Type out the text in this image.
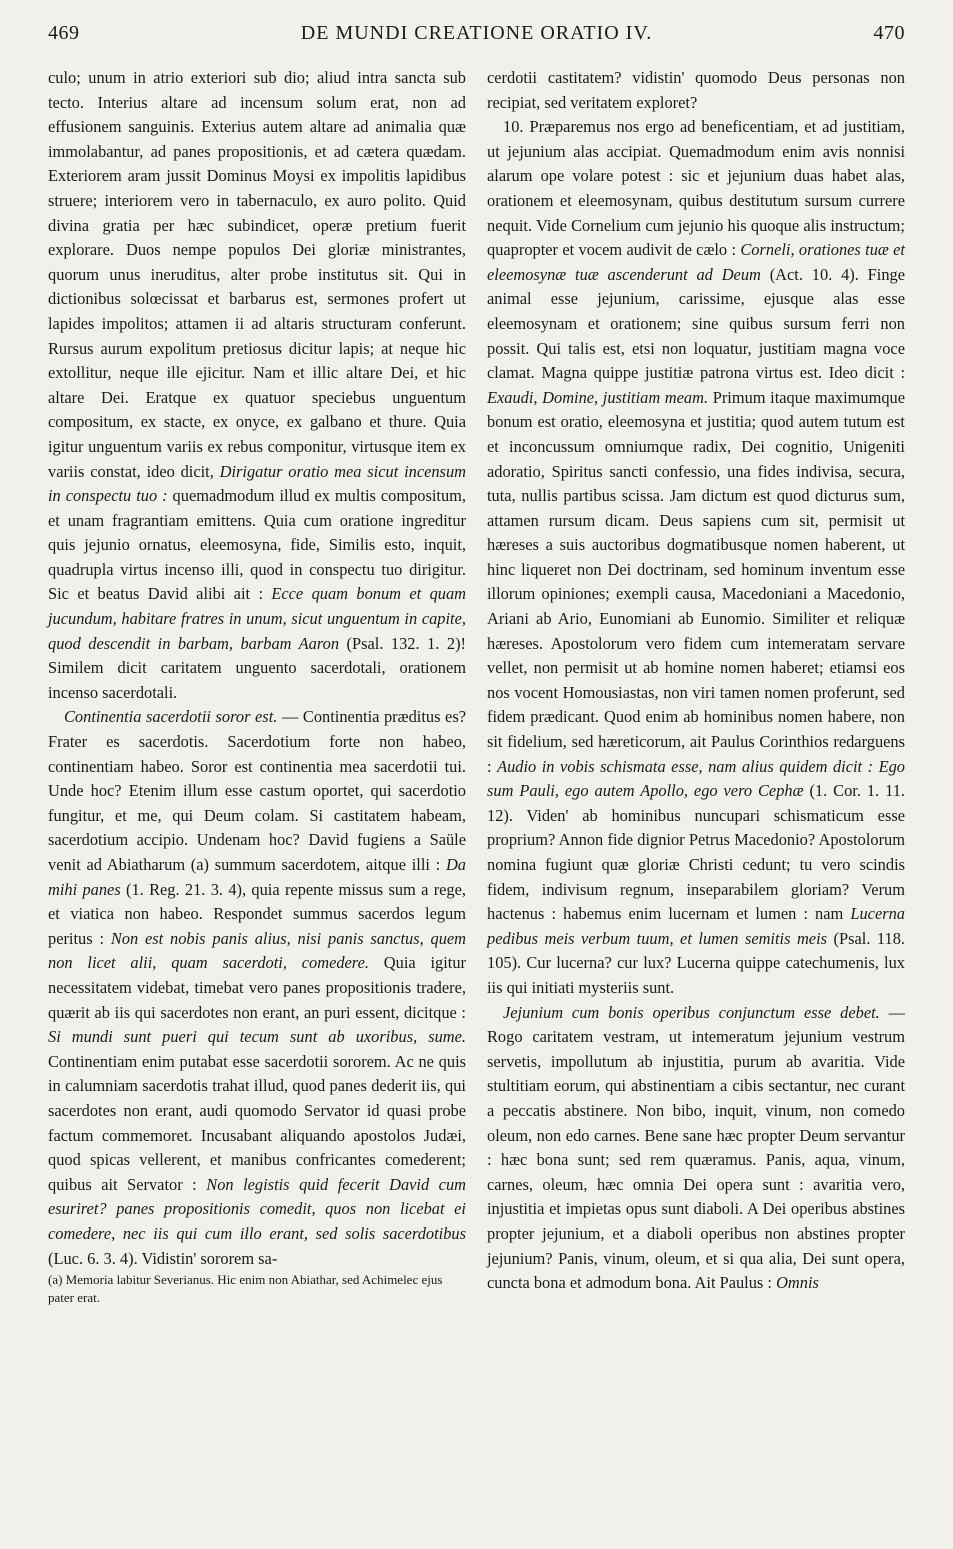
469	DE MUNDI CREATIONE ORATIO IV.	470

culo; unum in atrio exteriori sub dio; aliud intra sancta sub tecto. Interius altare ad incensum solum erat, non ad effusionem sanguinis. Exterius autem altare ad animalia quæ immolabantur, ad panes propositionis, et ad cætera quædam. Exteriorem aram jussit Dominus Moysi ex impolitis lapidibus struere; interiorem vero in tabernaculo, ex auro polito. Quid divina gratia per hæc subindicet, operæ pretium fuerit explorare. Duos nempe populos Dei gloriæ ministrantes, quorum unus ineruditus, alter probe institutus sit. Qui in dictionibus solœcissat et barbarus est, sermones profert ut lapides impolitos; attamen ii ad altaris structuram conferunt. Rursus aurum expolitum pretiosus dicitur lapis; at neque hic extollitur, neque ille ejicitur. Nam et illic altare Dei, et hic altare Dei. Eratque ex quatuor speciebus unguentum compositum, ex stacte, ex onyce, ex galbano et thure. Quia igitur unguentum variis ex rebus componitur, virtusque item ex variis constat, ideo dicit, Dirigatur oratio mea sicut incensum in conspectu tuo : quemadmodum illud ex multis compositum, et unam fragrantiam emittens. Quia cum oratione ingreditur quis jejunio ornatus, eleemosyna, fide, Similis esto, inquit, quadrupla virtus incenso illi, quod in conspectu tuo dirigitur. Sic et beatus David alibi ait : Ecce quam bonum et quam jucundum, habitare fratres in unum, sicut unguentum in capite, quod descendit in barbam, barbam Aaron (Psal. 132. 1. 2)! Similem dicit caritatem unguento sacerdotali, orationem incenso sacerdotali.

Continentia sacerdotii soror est. — Continentia præditus es? Frater es sacerdotis. Sacerdotium forte non habeo, continentiam habeo. Soror est continentia mea sacerdotii tui. Unde hoc? Etenim illum esse castum oportet, qui sacerdotio fungitur, et me, qui Deum colam. Si castitatem habeam, sacerdotium accipio. Undenam hoc? David fugiens a Saüle venit ad Abiatharum (a) summum sacerdotem, aitque illi : Da mihi panes (1. Reg. 21. 3. 4), quia repente missus sum a rege, et viatica non habeo. Respondet summus sacerdos legum peritus : Non est nobis panis alius, nisi panis sanctus, quem non licet alii, quam sacerdoti, comedere. Quia igitur necessitatem videbat, timebat vero panes propositionis tradere, quærit ab iis qui sacerdotes non erant, an puri essent, dicitque : Si mundi sunt pueri qui tecum sunt ab uxoribus, sume. Continentiam enim putabat esse sacerdotii sororem. Ac ne quis in calumniam sacerdotis trahat illud, quod panes dederit iis, qui sacerdotes non erant, audi quomodo Servator id quasi probe factum commemoret. Incusabant aliquando apostolos Judæi, quod spicas vellerent, et manibus confricantes comederent; quibus ait Servator : Non legistis quid fecerit David cum esuriret? panes propositionis comedit, quos non licebat ei comedere, nec iis qui cum illo erant, sed solis sacerdotibus (Luc. 6. 3. 4). Vidistin' sororem sa-

(a) Memoria labitur Severianus. Hic enim non Abiathar, sed Achimelec ejus pater erat.

cerdotii castitatem? vidistin' quomodo Deus personas non recipiat, sed veritatem exploret?

10. Præparemus nos ergo ad beneficentiam, et ad justitiam, ut jejunium alas accipiat. Quemadmodum enim avis nonnisi alarum ope volare potest : sic et jejunium duas habet alas, orationem et eleemosynam, quibus destitutum sursum currere nequit. Vide Cornelium cum jejunio his quoque alis instructum; quapropter et vocem audivit de cælo : Corneli, orationes tuæ et eleemosynæ tuæ ascenderunt ad Deum (Act. 10. 4). Finge animal esse jejunium, carissime, ejusque alas esse eleemosynam et orationem; sine quibus sursum ferri non possit. Qui talis est, etsi non loquatur, justitiam magna voce clamat. Magna quippe justitiæ patrona virtus est. Ideo dicit : Exaudi, Domine, justitiam meam. Primum itaque maximumque bonum est oratio, eleemosyna et justitia; quod autem tutum est et inconcussum omniumque radix, Dei cognitio, Unigeniti adoratio, Spiritus sancti confessio, una fides indivisa, secura, tuta, nullis partibus scissa. Jam dictum est quod dicturus sum, attamen rursum dicam. Deus sapiens cum sit, permisit ut hæreses a suis auctoribus dogmatibusque nomen haberent, ut hinc liqueret non Dei doctrinam, sed hominum inventum esse illorum opiniones; exempli causa, Macedoniani a Macedonio, Ariani ab Ario, Eunomiani ab Eunomio. Similiter et reliquæ hæreses. Apostolorum vero fidem cum intemeratam servare vellet, non permisit ut ab homine nomen haberet; etiamsi eos nos vocent Homousiastas, non viri tamen nomen proferunt, sed fidem prædicant. Quod enim ab hominibus nomen habere, non sit fidelium, sed hæreticorum, ait Paulus Corinthios redarguens : Audio in vobis schismata esse, nam alius quidem dicit : Ego sum Pauli, ego autem Apollo, ego vero Cephæ (1. Cor. 1. 11. 12). Viden' ab hominibus nuncupari schismaticum esse proprium? Annon fide dignior Petrus Macedonio? Apostolorum nomina fugiunt quæ gloriæ Christi cedunt; tu vero scindis fidem, indivisum regnum, inseparabilem gloriam? Verum hactenus : habemus enim lucernam et lumen : nam Lucerna pedibus meis verbum tuum, et lumen semitis meis (Psal. 118. 105). Cur lucerna? cur lux? Lucerna quippe catechumenis, lux iis qui initiati mysteriis sunt.

Jejunium cum bonis operibus conjunctum esse debet. — Rogo caritatem vestram, ut intemeratum jejunium vestrum servetis, impollutum ab injustitia, purum ab avaritia. Vide stultitiam eorum, qui abstinentiam a cibis sectantur, nec curant a peccatis abstinere. Non bibo, inquit, vinum, non comedo oleum, non edo carnes. Bene sane hæc propter Deum servantur : hæc bona sunt; sed rem quæramus. Panis, aqua, vinum, carnes, oleum, hæc omnia Dei opera sunt : avaritia vero, injustitia et impietas opus sunt diaboli. A Dei operibus abstines propter jejunium, et a diaboli operibus non abstines propter jejunium? Panis, vinum, oleum, et si qua alia, Dei sunt opera, cuncta bona et admodum bona. Ait Paulus : Omnis
